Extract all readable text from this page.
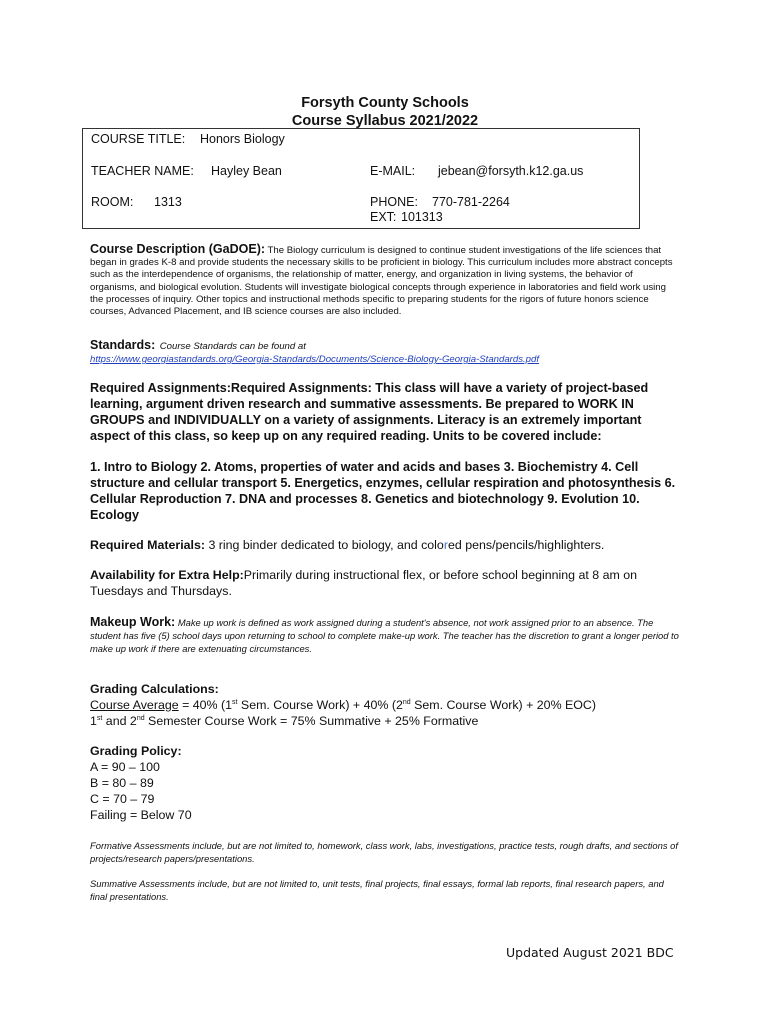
Forsyth County Schools
Course Syllabus 2021/2022
COURSE TITLE: Honors Biology
TEACHER NAME: Hayley Bean	E-MAIL: jebean@forsyth.k12.ga.us
ROOM: 1313	PHONE: 770-781-2264
EXT: 101313
Course Description (GaDOE): The Biology curriculum is designed to continue student investigations of the life sciences that began in grades K-8 and provide students the necessary skills to be proficient in biology. This curriculum includes more abstract concepts such as the interdependence of organisms, the relationship of matter, energy, and organization in living systems, the behavior of organisms, and biological evolution. Students will investigate biological concepts through experience in laboratories and field work using the processes of inquiry. Other topics and instructional methods specific to preparing students for the rigors of future honors science courses, Advanced Placement, and IB science courses are also included.
Standards: Course Standards can be found at
https://www.georgiastandards.org/Georgia-Standards/Documents/Science-Biology-Georgia-Standards.pdf
Required Assignments:Required Assignments: This class will have a variety of project-based learning, argument driven research and summative assessments. Be prepared to WORK IN GROUPS and INDIVIDUALLY on a variety of assignments. Literacy is an extremely important aspect of this class, so keep up on any required reading. Units to be covered include:
1. Intro to Biology 2. Atoms, properties of water and acids and bases 3. Biochemistry 4. Cell structure and cellular transport 5. Energetics, enzymes, cellular respiration and photosynthesis 6. Cellular Reproduction 7. DNA and processes 8. Genetics and biotechnology 9. Evolution 10. Ecology
Required Materials: 3 ring binder dedicated to biology, and colored pens/pencils/highlighters.
Availability for Extra Help:Primarily during instructional flex, or before school beginning at 8 am on Tuesdays and Thursdays.
Makeup Work: Make up work is defined as work assigned during a student's absence, not work assigned prior to an absence. The student has five (5) school days upon returning to school to complete make-up work. The teacher has the discretion to grant a longer period to make up work if there are extenuating circumstances.
Grading Calculations:
Course Average = 40% (1st Sem. Course Work) + 40% (2nd Sem. Course Work) + 20% EOC)
1st and 2nd Semester Course Work = 75% Summative + 25% Formative
Grading Policy:
A = 90 – 100
B = 80 – 89
C = 70 – 79
Failing = Below 70
Formative Assessments include, but are not limited to, homework, class work, labs, investigations, practice tests, rough drafts, and sections of projects/research papers/presentations.
Summative Assessments include, but are not limited to, unit tests, final projects, final essays, formal lab reports, final research papers, and final presentations.
Updated August 2021 BDC
